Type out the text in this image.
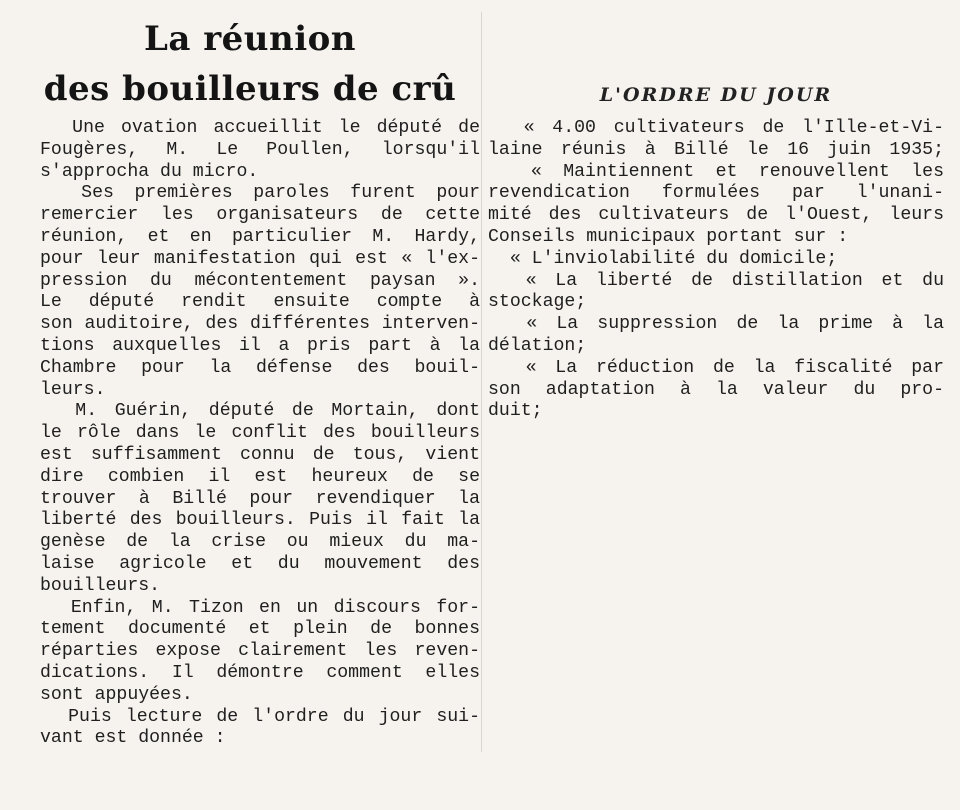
La réunion
des bouilleurs de crû
Une ovation accueillit le député de
Fougères, M. Le Poullen, lorsqu'il
s'approcha du micro.
Ses premières paroles furent pour
remercier les organisateurs de cette
réunion, et en particulier M. Hardy,
pour leur manifestation qui est « l'ex-
pression du mécontentement paysan ».
Le député rendit ensuite compte à
son auditoire, des différentes interven-
tions auxquelles il a pris part à la
Chambre pour la défense des bouil-
leurs.
M. Guérin, député de Mortain, dont
le rôle dans le conflit des bouilleurs
est suffisamment connu de tous, vient
dire combien il est heureux de se
trouver à Billé pour revendiquer la
liberté des bouilleurs. Puis il fait la
genèse de la crise ou mieux du ma-
laise agricole et du mouvement des
bouilleurs.
Enfin, M. Tizon en un discours for-
tement documenté et plein de bonnes
réparties expose clairement les reven-
dications. Il démontre comment elles
sont appuyées.
Puis lecture de l'ordre du jour sui-
vant est donnée :
L'ORDRE DU JOUR
« 4.00 cultivateurs de l'Ille-et-Vi-
laine réunis à Billé le 16 juin 1935;
« Maintiennent et renouvellent les
revendication formulées par l'unani-
mité des cultivateurs de l'Ouest, leurs
Conseils municipaux portant sur :
« L'inviolabilité du domicile;
« La liberté de distillation et du
stockage;
« La suppression de la prime à la
délation;
« La réduction de la fiscalité par
son adaptation à la valeur du pro-
duit;
